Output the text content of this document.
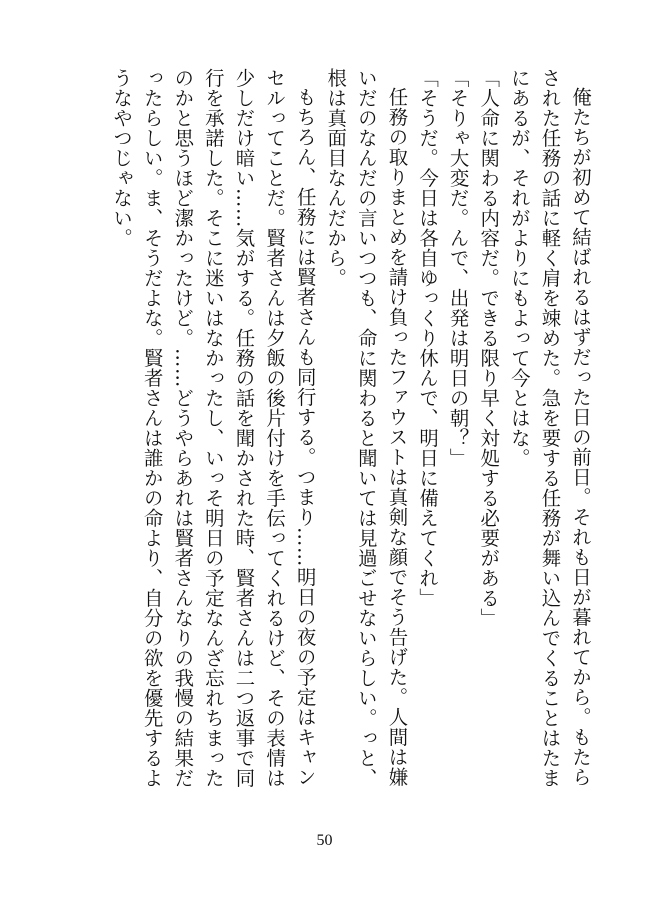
俺たちが初めて結ばれるはずだった日の前日。それも日が暮れてから。もたらされた任務の話に軽く肩を竦めた。急を要する任務が舞い込んでくることはたまにあるが、それがよりにもよって今とはな。

「人命に関わる内容だ。できる限り早く対処する必要がある」

「そりゃ大変だ。んで、出発は明日の朝？」

「そうだ。今日は各自ゆっくり休んで、明日に備えてくれ」

任務の取りまとめを請け負ったファウストは真剣な顔でそう告げた。人間は嫌いだのなんだの言いつつも、命に関わると聞いては見過ごせないらしい。っと、根は真面目なんだから。

もちろん、任務には賢者さんも同行する。つまり……明日の夜の予定はキャンセルってことだ。賢者さんは夕飯の後片付けを手伝ってくれるけど、その表情は少しだけ暗い……気がする。任務の話を聞かされた時、賢者さんは二つ返事で同行を承諾した。そこに迷いはなかったし、いっそ明日の予定なんざ忘れちまったのかと思うほど潔かったけど。……どうやらあれは賢者さんなりの我慢の結果だったらしい。ま、そうだよな。賢者さんは誰かの命より、自分の欲を優先するようなやつじゃない。

50
